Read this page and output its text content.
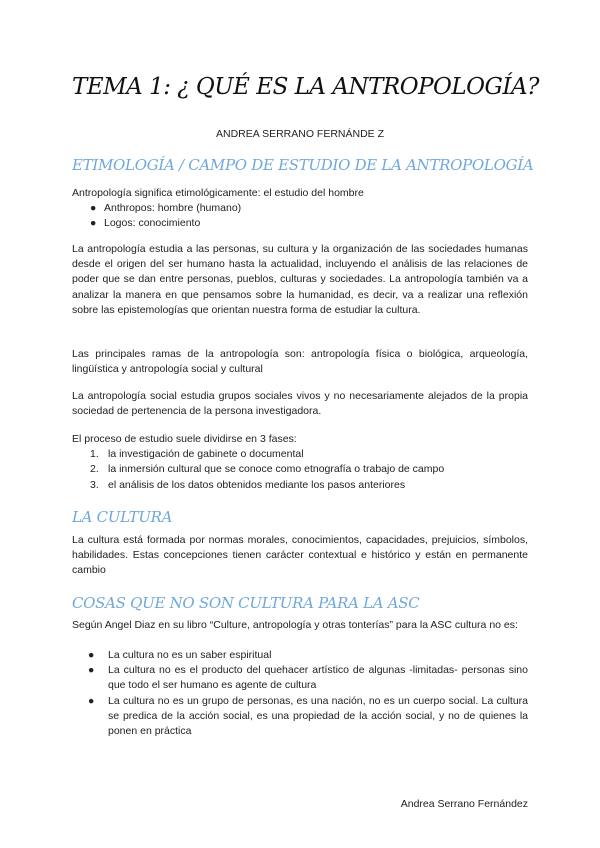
TEMA 1: ¿ QUÉ ES LA ANTROPOLOGÍA?
ANDREA SERRANO FERNÁNDE Z
ETIMOLOGÍA / CAMPO DE ESTUDIO DE LA ANTROPOLOGÍA
Antropología significa etimológicamente: el estudio del hombre
● Anthropos: hombre (humano)
● Logos: conocimiento
La antropología estudia a las personas, su cultura y la organización de las sociedades humanas desde el origen del ser humano hasta la actualidad, incluyendo el análisis de las relaciones de poder que se dan entre personas, pueblos, culturas y sociedades. La antropología también va a analizar la manera en que pensamos sobre la humanidad, es decir, va a realizar una reflexión sobre las epistemologías que orientan nuestra forma de estudiar la cultura.
Las principales ramas de la antropología son: antropología física o biológica, arqueología, lingüística y antropología social y cultural
La antropología social estudia grupos sociales vivos y no necesariamente alejados de la propia sociedad de pertenencia de la persona investigadora.
El proceso de estudio suele dividirse en 3 fases:
1. la investigación de gabinete o documental
2. la inmersión cultural que se conoce como etnografía o trabajo de campo
3. el análisis de los datos obtenidos mediante los pasos anteriores
LA CULTURA
La cultura está formada por normas morales, conocimientos, capacidades, prejuicios, símbolos, habilidades. Estas concepciones tienen carácter contextual e histórico y están en permanente cambio
COSAS QUE NO SON CULTURA PARA LA ASC
Según Angel Diaz en su libro “Culture, antropología y otras tonterías” para la ASC cultura no es:
● La cultura no es un saber espiritual
● La cultura no es el producto del quehacer artístico de algunas -limitadas- personas sino que todo el ser humano es agente de cultura
● La cultura no es un grupo de personas, es una nación, no es un cuerpo social. La cultura se predica de la acción social, es una propiedad de la acción social, y no de quienes la ponen en práctica
Andrea Serrano Fernández
